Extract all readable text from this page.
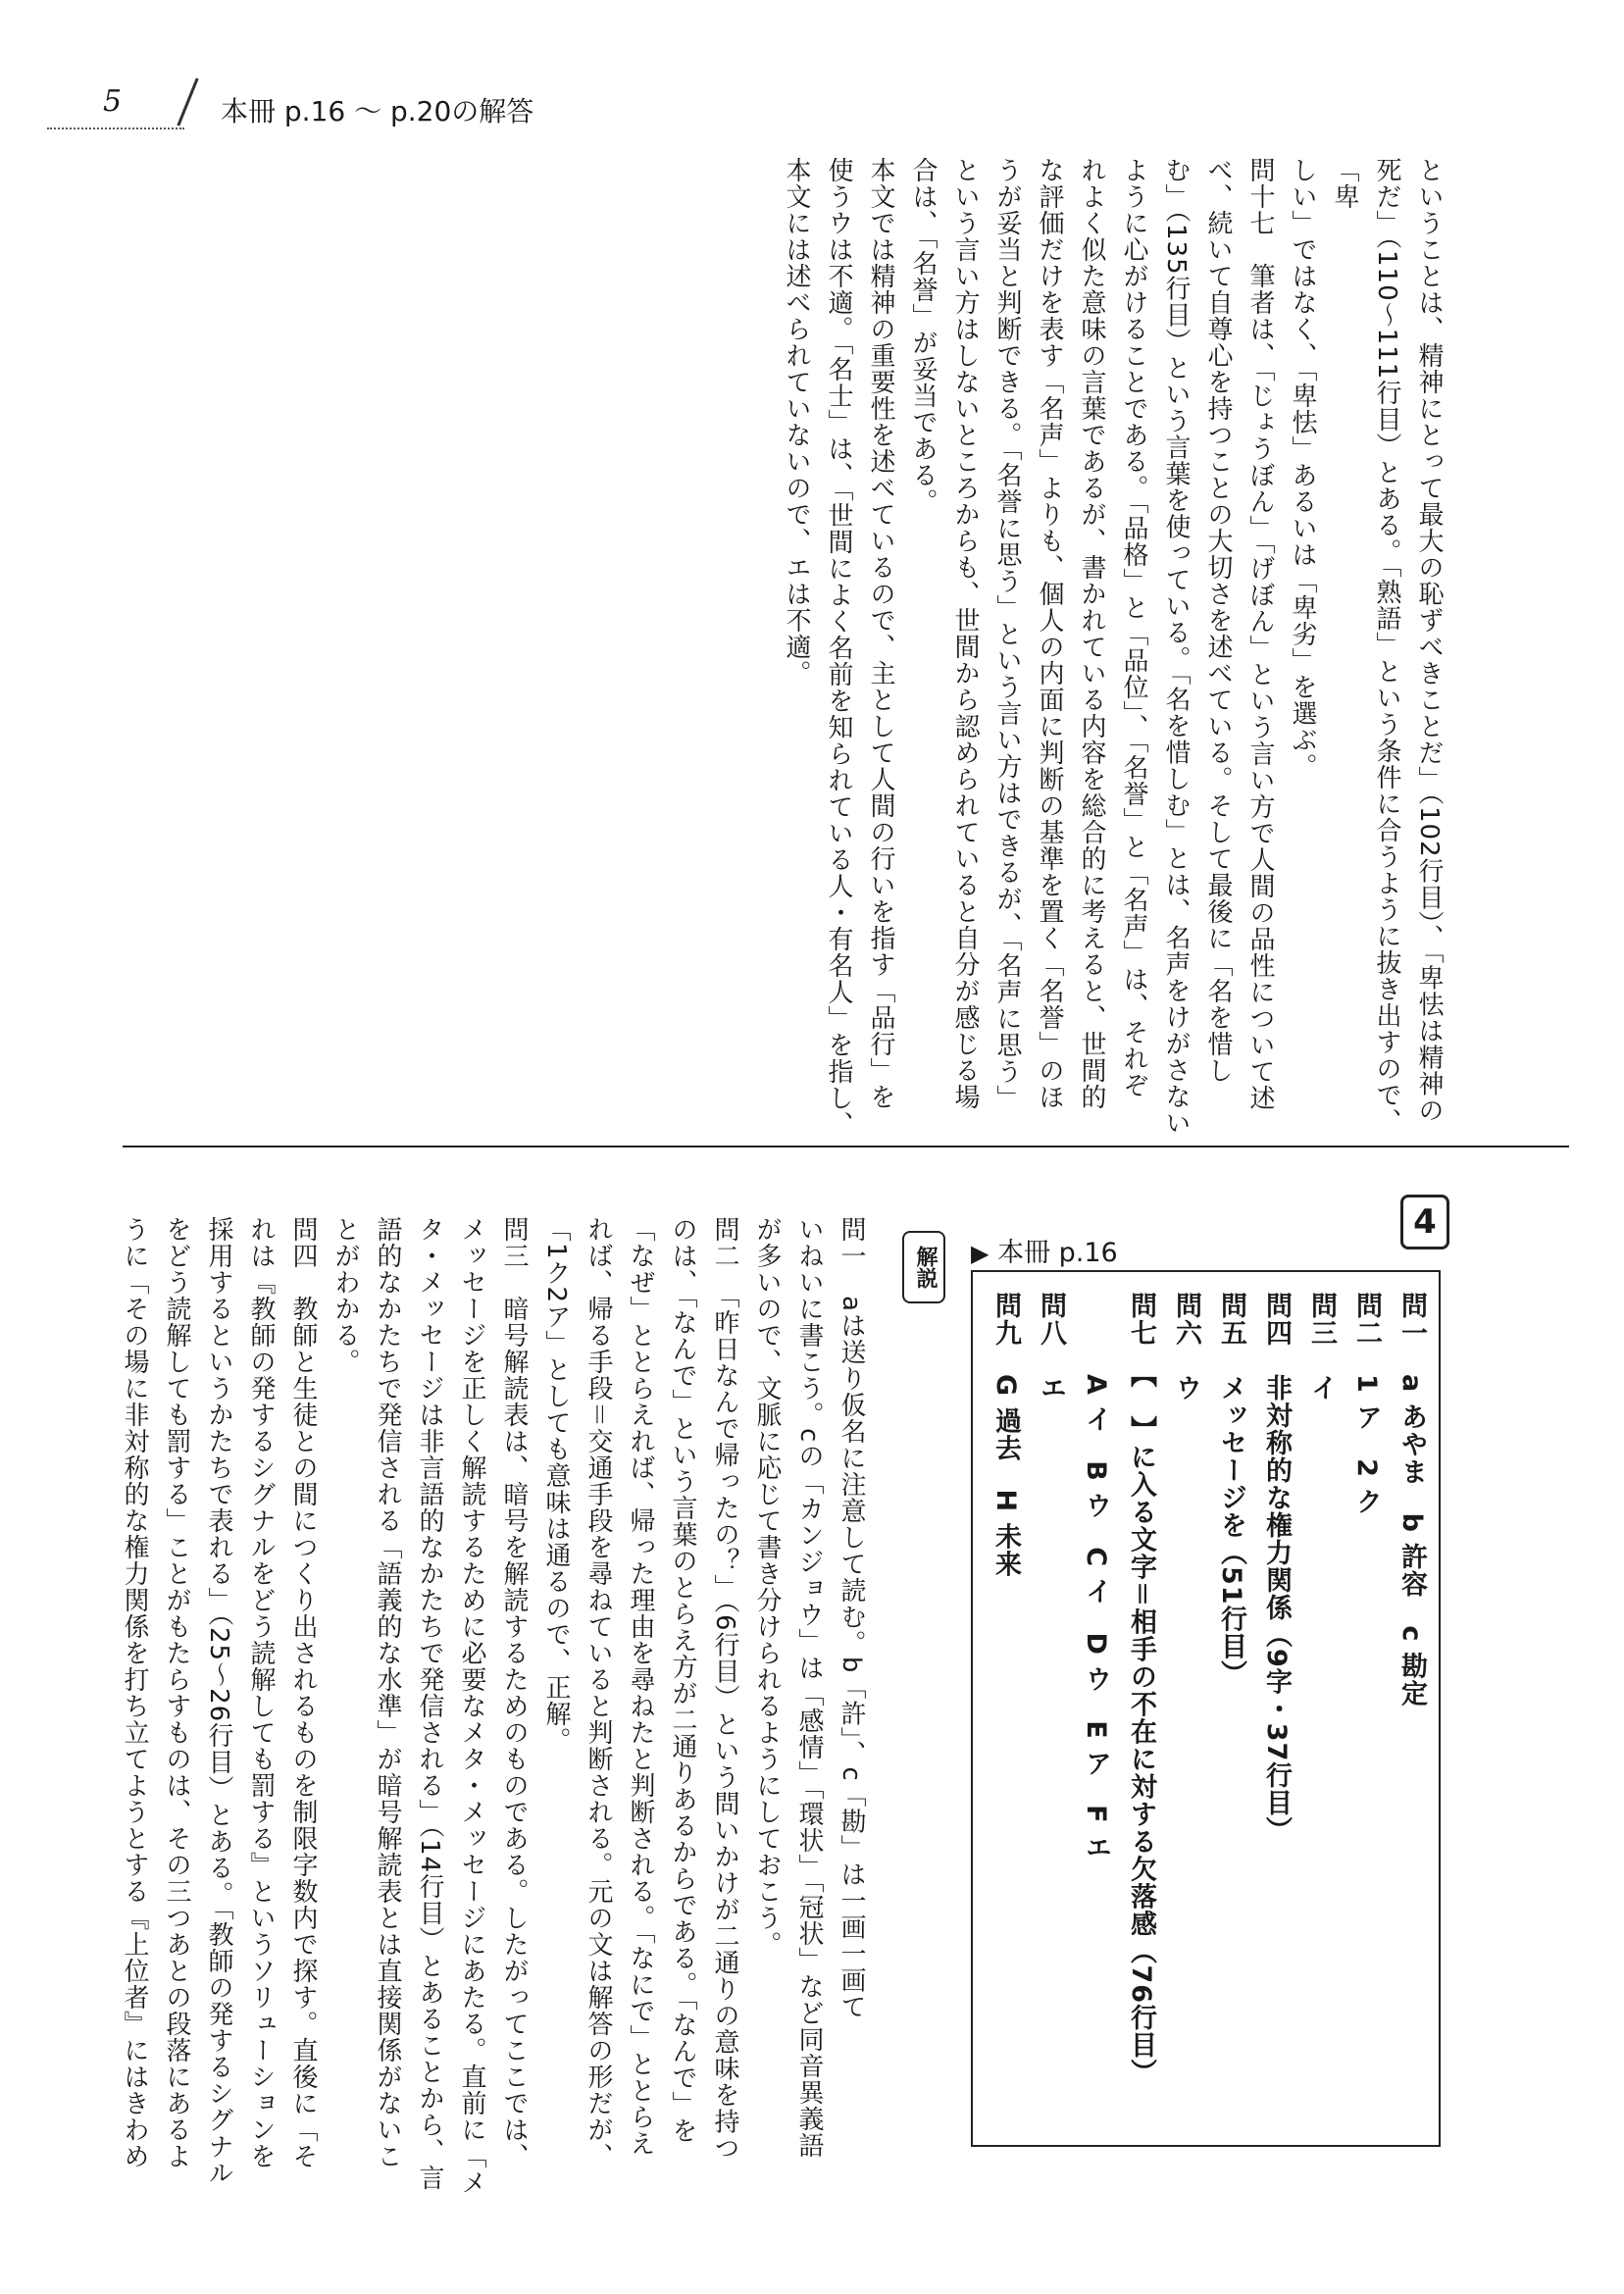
5	本冊 p.16 〜 p.20の解答
ということは、精神にとって最大の恥ずべきことだ」（102行目）、「卑怯は精神の
死だ」（110〜111行目）とある。「熟語」という条件に合うように抜き出すので、「卑
しい」ではなく、「卑怯」あるいは「卑劣」を選ぶ。
問十七　筆者は、「じょうぼん」「げぼん」という言い方で人間の品性について述
べ、続いて自尊心を持つことの大切さを述べている。そして最後に「名を惜し
む」（135行目）という言葉を使っている。「名を惜しむ」とは、名声をけがさない
ように心がけることである。「品格」と「品位」、「名誉」と「名声」は、それぞ
れよく似た意味の言葉であるが、書かれている内容を総合的に考えると、世間的
な評価だけを表す「名声」よりも、個人の内面に判断の基準を置く「名誉」のほ
うが妥当と判断できる。「名誉に思う」という言い方はできるが、「名声に思う」
という言い方はしないところからも、世間から認められていると自分が感じる場
合は、「名誉」が妥当である。
本文では精神の重要性を述べているので、主として人間の行いを指す「品行」を
使うウは不適。「名士」は、「世間によく名前を知られている人・有名人」を指し、
本文には述べられていないので、エは不適。
4
▶ 本冊 p.16
問一　a あやま　b 許容　c 勘定
問二　1 ア　2 ク
問三　イ
問四　非対称的な権力関係（9字・37行目）
問五　メッセージを（51行目）
問六　ウ
問七　【　】に入る文字＝相手の不在に対する欠落感（76行目）
　　　A イ　B ウ　C イ　D ウ　E ア　F エ
問八　エ
問九　G 過去　H 未来
解説
問一　aは送り仮名に注意して読む。b「許」、c「勘」は一画一画て
いねいに書こう。cの「カンジョウ」は「感情」「環状」「冠状」など同音異義語
が多いので、文脈に応じて書き分けられるようにしておこう。
問二　「昨日なんで帰ったの？」（6行目）という問いかけが二通りの意味を持つ
のは、「なんで」という言葉のとらえ方が二通りあるからである。「なんで」を
「なぜ」ととらえれば、帰った理由を尋ねたと判断される。「なにで」ととらえ
れば、帰る手段＝交通手段を尋ねていると判断される。元の文は解答の形だが、
「1ク2ア」としても意味は通るので、正解。
問三　暗号解読表は、暗号を解読するためのものである。したがってここでは、
メッセージを正しく解読するために必要なメタ・メッセージにあたる。直前に「メ
タ・メッセージは非言語的なかたちで発信される」（14行目）とあることから、言
語的なかたちで発信される「語義的な水準」が暗号解読表とは直接関係がないこ
とがわかる。
問四　教師と生徒との間につくり出されるものを制限字数内で探す。直後に「そ
れは『教師の発するシグナルをどう読解しても罰する』というソリューションを
採用するというかたちで表れる」（25〜26行目）とある。「教師の発するシグナル
をどう読解しても罰する」ことがもたらすものは、その三つあとの段落にあるよ
うに「その場に非対称的な権力関係を打ち立てようとする『上位者』にはきわめ
